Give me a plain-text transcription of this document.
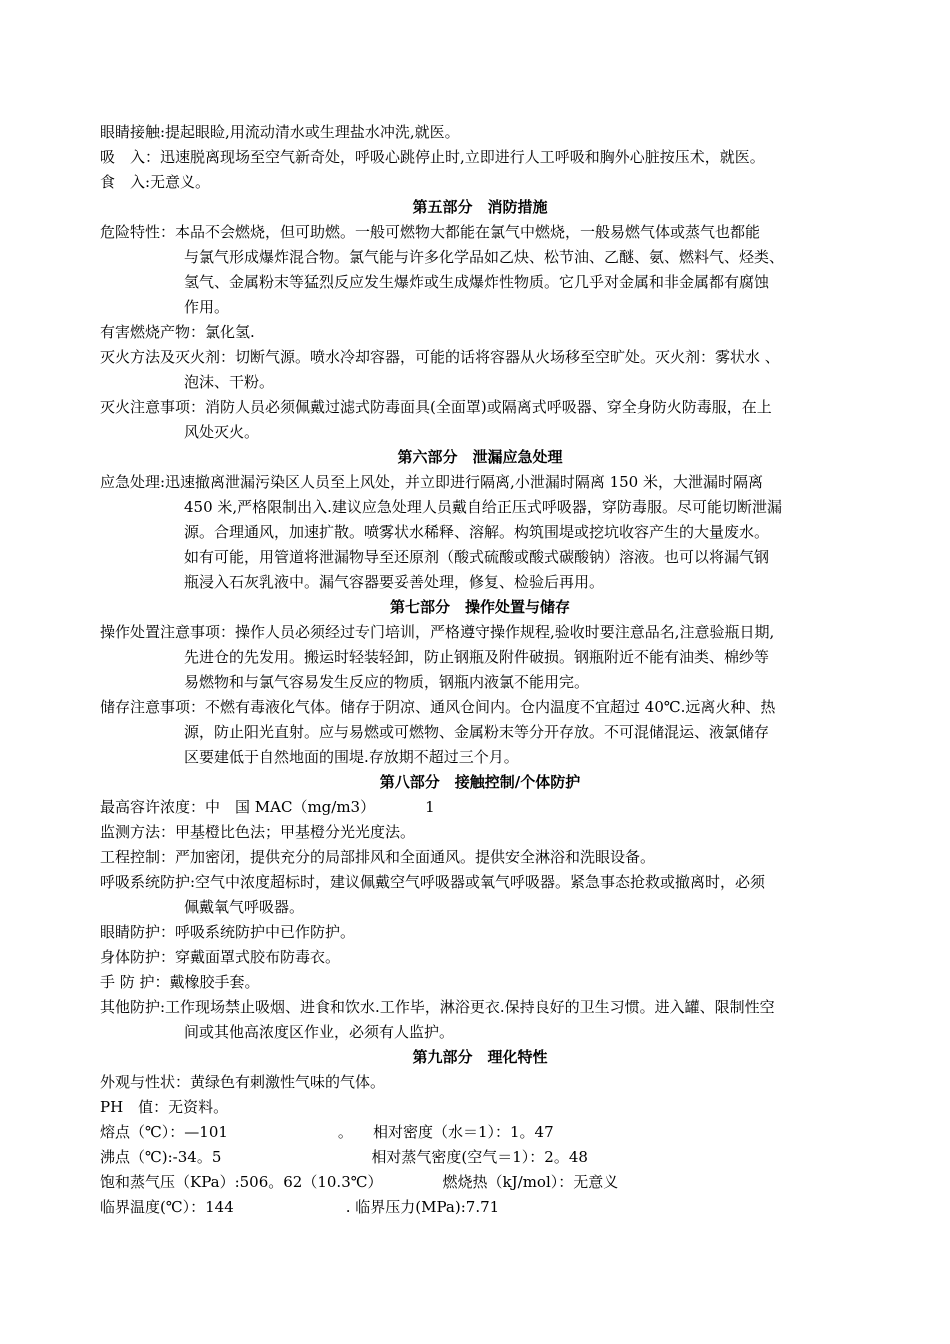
眼睛接触:提起眼睑,用流动清水或生理盐水冲洗,就医。
吸　入：迅速脱离现场至空气新奇处，呼吸心跳停止时,立即进行人工呼吸和胸外心脏按压术，就医。
食　入:无意义。
第五部分　消防措施
危险特性：本品不会燃烧，但可助燃。一般可燃物大都能在氯气中燃烧，一般易燃气体或蒸气也都能
与氯气形成爆炸混合物。氯气能与许多化学品如乙炔、松节油、乙醚、氨、燃料气、烃类、
氢气、金属粉末等猛烈反应发生爆炸或生成爆炸性物质。它几乎对金属和非金属都有腐蚀
作用。
有害燃烧产物：氯化氢.
灭火方法及灭火剂：切断气源。喷水冷却容器，可能的话将容器从火场移至空旷处。灭火剂：雾状水 、
泡沫、干粉。
灭火注意事项：消防人员必须佩戴过滤式防毒面具(全面罩)或隔离式呼吸器、穿全身防火防毒服，在上
风处灭火。
第六部分　泄漏应急处理
应急处理:迅速撤离泄漏污染区人员至上风处，并立即进行隔离,小泄漏时隔离 150 米，大泄漏时隔离
450 米,严格限制出入.建议应急处理人员戴自给正压式呼吸器，穿防毒服。尽可能切断泄漏
源。合理通风，加速扩散。喷雾状水稀释、溶解。构筑围堤或挖坑收容产生的大量废水。
如有可能，用管道将泄漏物导至还原剂（酸式硫酸或酸式碳酸钠）溶液。也可以将漏气钢
瓶浸入石灰乳液中。漏气容器要妥善处理，修复、检验后再用。
第七部分　操作处置与储存
操作处置注意事项：操作人员必须经过专门培训，严格遵守操作规程,验收时要注意品名,注意验瓶日期,
先进仓的先发用。搬运时轻装轻卸，防止钢瓶及附件破损。钢瓶附近不能有油类、棉纱等
易燃物和与氯气容易发生反应的物质，钢瓶内液氯不能用完。
储存注意事项：不燃有毒液化气体。储存于阴凉、通风仓间内。仓内温度不宜超过 40℃.远离火种、热
源，防止阳光直射。应与易燃或可燃物、金属粉末等分开存放。不可混储混运、液氯储存
区要建低于自然地面的围堤.存放期不超过三个月。
第八部分　接触控制/个体防护
最高容许浓度：中　国 MAC（mg/m3）	1
监测方法：甲基橙比色法；甲基橙分光光度法。
工程控制：严加密闭，提供充分的局部排风和全面通风。提供安全淋浴和洗眼设备。
呼吸系统防护:空气中浓度超标时，建议佩戴空气呼吸器或氧气呼吸器。紧急事态抢救或撤离时，必须
佩戴氧气呼吸器。
眼睛防护：呼吸系统防护中已作防护。
身体防护：穿戴面罩式胶布防毒衣。
手 防 护：戴橡胶手套。
其他防护:工作现场禁止吸烟、进食和饮水.工作毕，淋浴更衣.保持良好的卫生习惯。进入罐、限制性空
间或其他高浓度区作业，必须有人监护。
第九部分　理化特性
外观与性状：黄绿色有刺激性气味的气体。
PH　值：无资料。
熔点（℃）：—101	。 相对密度（水＝1）：1。47
沸点（℃):-34。5	相对蒸气密度(空气＝1）：2。48
饱和蒸气压（KPa）:506。62（10.3℃）	燃烧热（kJ/mol）：无意义
临界温度(℃）：144	. 临界压力(MPa):7.71
